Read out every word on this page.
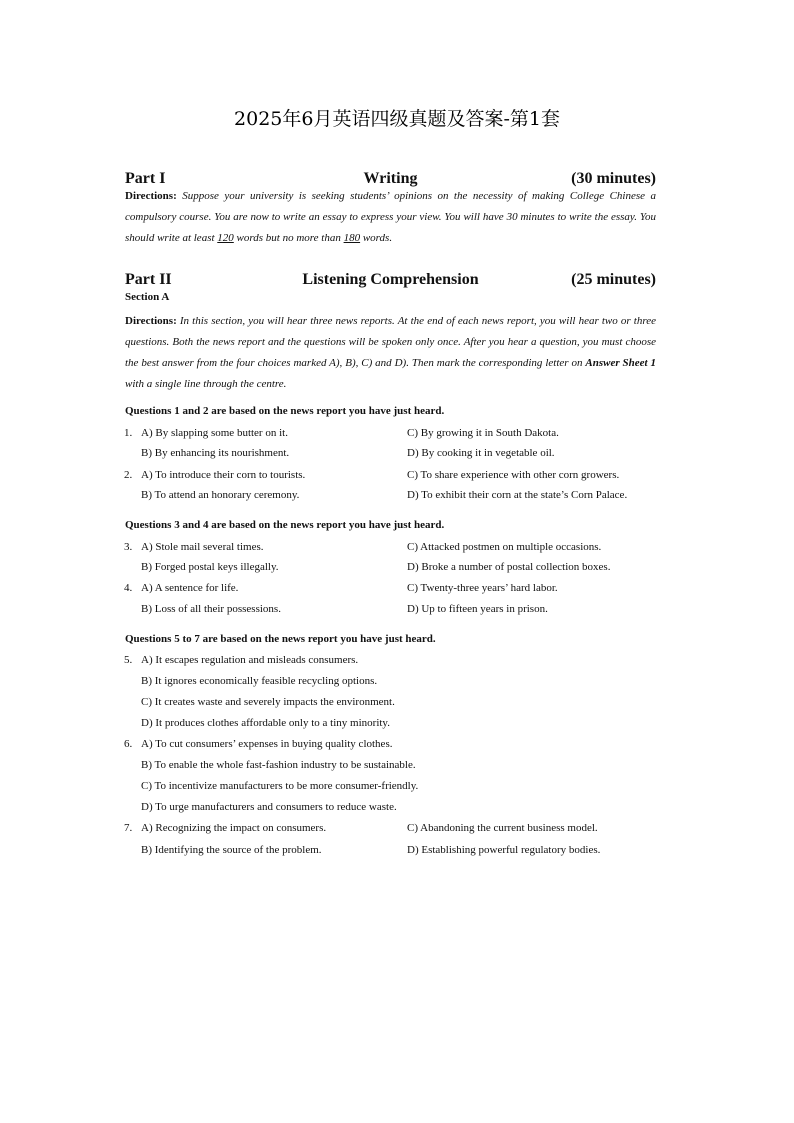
2025年6月英语四级真题及答案-第1套
Part I	Writing	(30 minutes)
Directions: Suppose your university is seeking students’ opinions on the necessity of making College Chinese a compulsory course. You are now to write an essay to express your view. You will have 30 minutes to write the essay. You should write at least 120 words but no more than 180 words.
Part II	Listening Comprehension	(25 minutes)
Section A
Directions: In this section, you will hear three news reports. At the end of each news report, you will hear two or three questions. Both the news report and the questions will be spoken only once. After you hear a question, you must choose the best answer from the four choices marked A), B), C) and D). Then mark the corresponding letter on Answer Sheet 1 with a single line through the centre.
Questions 1 and 2 are based on the news report you have just heard.
1. A) By slapping some butter on it.	C) By growing it in South Dakota.
B) By enhancing its nourishment.	D) By cooking it in vegetable oil.
2. A) To introduce their corn to tourists.	C) To share experience with other corn growers.
B) To attend an honorary ceremony.	D) To exhibit their corn at the state’s Corn Palace.
Questions 3 and 4 are based on the news report you have just heard.
3. A) Stole mail several times.	C) Attacked postmen on multiple occasions.
B) Forged postal keys illegally.	D) Broke a number of postal collection boxes.
4. A) A sentence for life.	C) Twenty-three years’ hard labor.
B) Loss of all their possessions.	D) Up to fifteen years in prison.
Questions 5 to 7 are based on the news report you have just heard.
5. A) It escapes regulation and misleads consumers.
B) It ignores economically feasible recycling options.
C) It creates waste and severely impacts the environment.
D) It produces clothes affordable only to a tiny minority.
6. A) To cut consumers’ expenses in buying quality clothes.
B) To enable the whole fast-fashion industry to be sustainable.
C) To incentivize manufacturers to be more consumer-friendly.
D) To urge manufacturers and consumers to reduce waste.
7. A) Recognizing the impact on consumers.	C) Abandoning the current business model.
B) Identifying the source of the problem.	D) Establishing powerful regulatory bodies.
